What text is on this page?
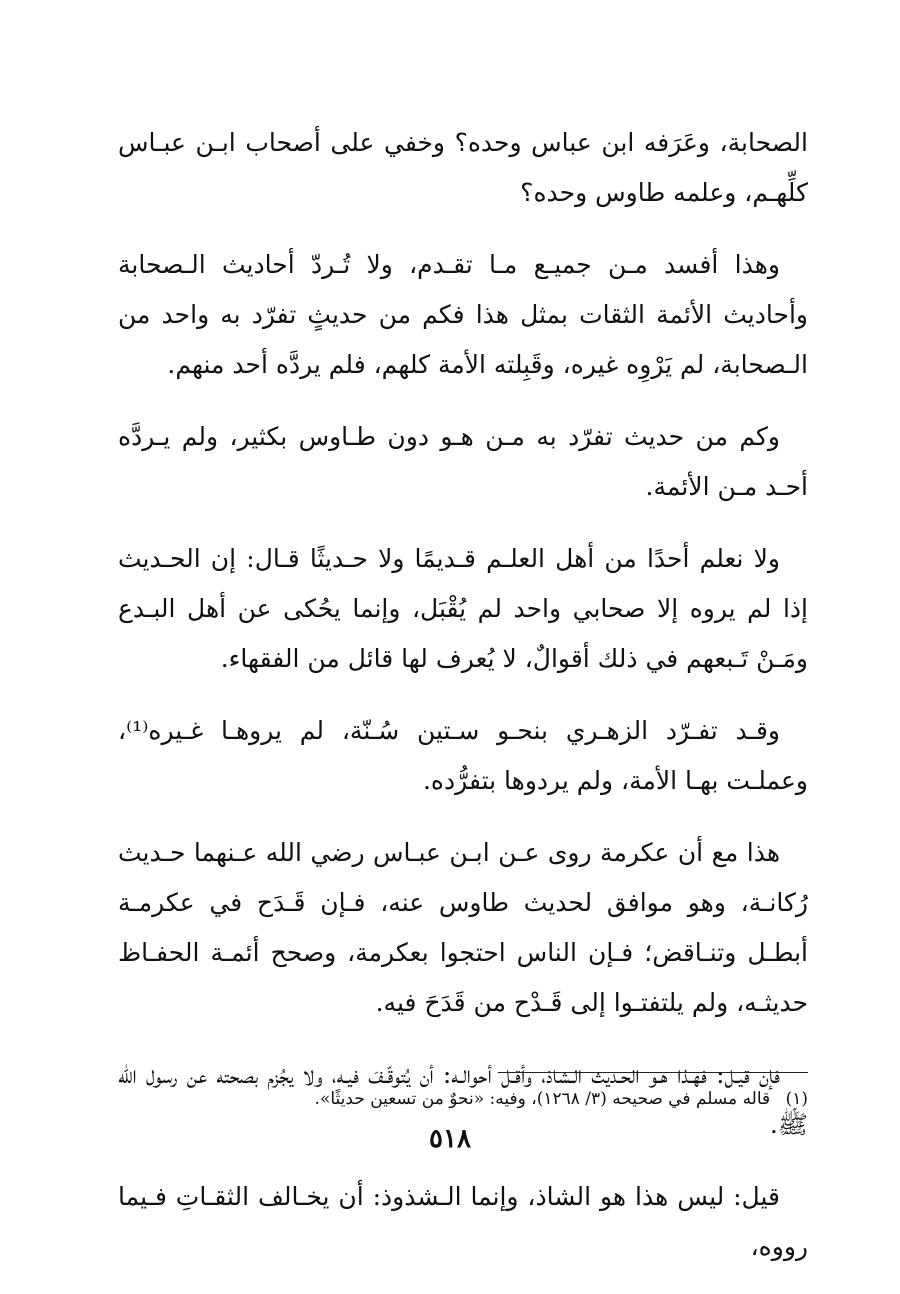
الصحابة، وعَرَفه ابن عباس وحده؟ وخفي على أصحاب ابـن عبـاس كلِّهـم، وعلمه طاوس وحده؟

وهذا أفسد مـن جميـع مـا تقـدم، ولا تُـردّ أحاديث الـصحابة وأحاديث الأئمة الثقات بمثل هذا فكم من حديثٍ تفرّد به واحد من الـصحابة، لم يَرْوِه غيره، وقَبِلته الأمة كلهم، فلم يردَّه أحد منهم.

وكم من حديث تفرّد به مـن هـو دون طـاوس بكثير، ولم يـردَّه أحـد مـن الأئمة.

ولا نعلم أحدًا من أهل العلـم قـديمًا ولا حـديثًا قـال: إن الحـديث إذا لم يروه إلا صحابي واحد لم يُقْبَل، وإنما يحُكى عن أهل البـدع ومَـنْ تَـبعهم في ذلك أقوالٌ، لا يُعرف لها قائل من الفقهاء.

وقـد تفـرّد الزهـري بنحـو سـتين سُـنّة، لم يروهـا غـيره⁽¹⁾، وعملـت بهـا الأمة، ولم يردوها بتفرُّده.

هذا مع أن عكرمة روى عـن ابـن عبـاس رضي الله عـنهما حـديث رُكانـة، وهو موافق لحديث طاوس عنه، فـإن قَـدَح في عكرمـة أبطـل وتنـاقض؛ فـإن الناس احتجوا بعكرمة، وصحح أئمـة الحفـاظ حديثـه، ولم يلتفتـوا إلى قَـدْح من قَدَحَ فيه.

فإن قيـل: فهـذا هـو الحـديث الـشاذ، وأقـل أحوالـه: أن يُتوقّـفَ فيـه، ولا يجُزم بصحته عن رسول الله ﷺ.

قيل: ليس هذا هو الشاذ، وإنما الـشذوذ: أن يخـالف الثقـاتِ فـيما رووه،

(١) قاله مسلم في صحيحه (٣/ ١٢٦٨)، وفيه: «نحوٌ من تسعين حديثًا».
٥١٨
